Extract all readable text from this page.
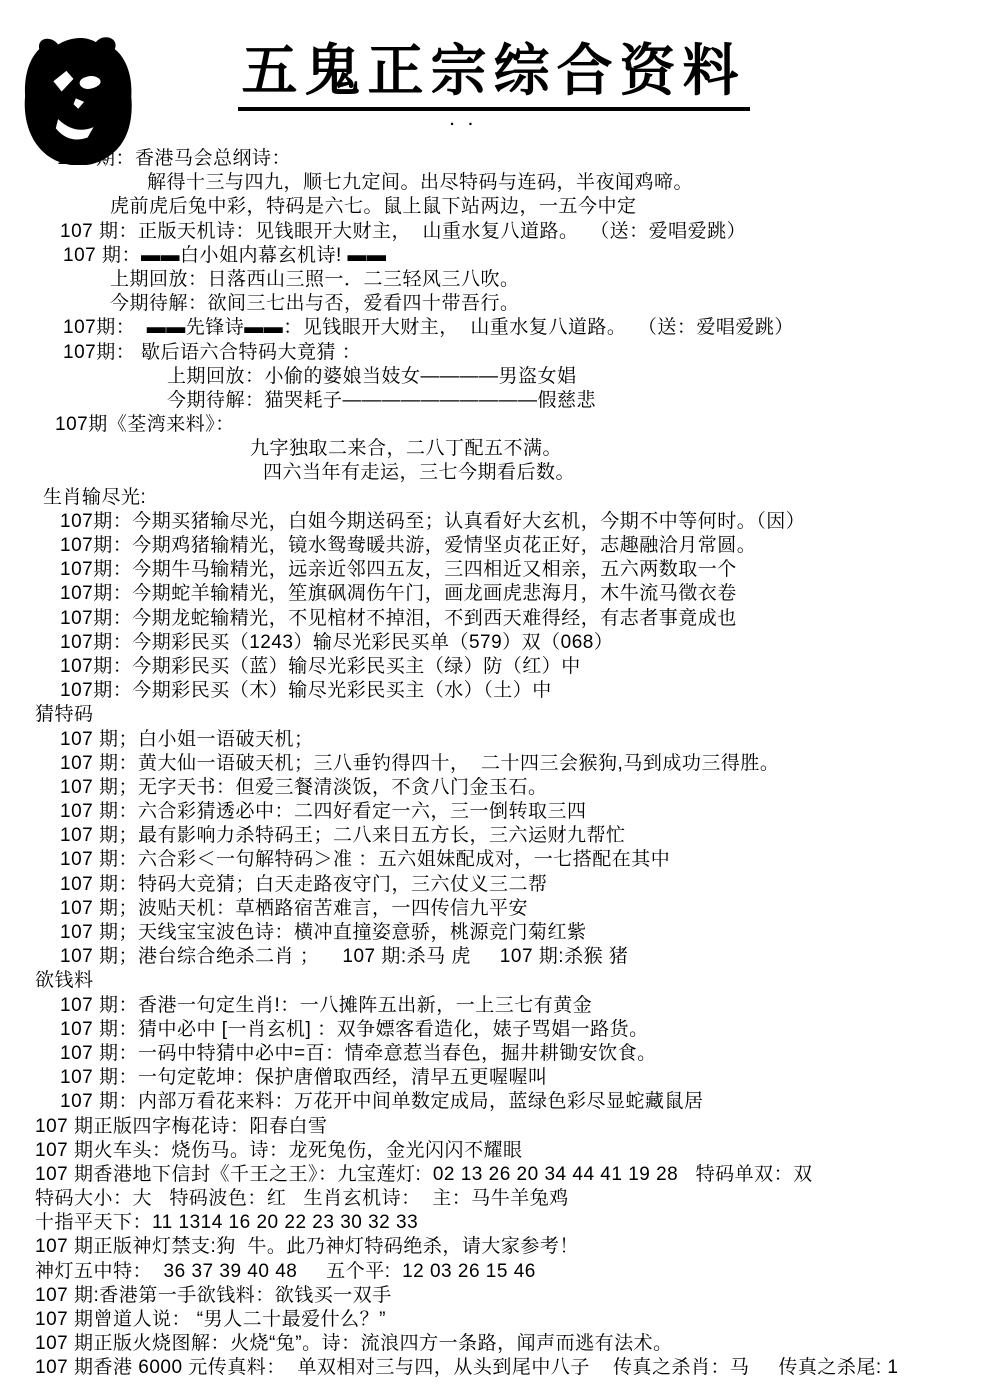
五鬼正宗综合资料
. .
107 期：香港马会总纲诗：
解得十三与四九，顺七九定间。出尽特码与连码，半夜闻鸡啼。
虎前虎后兔中彩，特码是六七。鼠上鼠下站两边，一五今中定
107 期：正版天机诗：见钱眼开大财主，  山重水复八道路。  （送：爱唱爱跳）
107 期：▬▬白小姐内幕玄机诗! ▬▬
上期回放：日落西山三照一．二三轻风三八吹。
今期待解：欲间三七出与否，爱看四十带吾行。
107期：  ▬▬先锋诗▬▬：见钱眼开大财主，  山重水复八道路。  （送：爱唱爱跳）
107期： 歇后语六合特码大竟猜 ：
上期回放：小偷的婆娘当妓女————男盗女娼
今期待解：猫哭耗子——————————假慈悲
107期《荃湾来料》：
九字独取二来合，二八丁配五不满。
四六当年有走运，三七今期看后数。
生肖输尽光:
107期：今期买猪输尽光，白姐今期送码至；认真看好大玄机，今期不中等何时。（因）
107期：今期鸡猪输精光，镜水鸳鸯暖共游，爱情坚贞花正好，志趣融洽月常圆。
107期：今期牛马输精光，远亲近邻四五友，三四相近又相亲，五六两数取一个
107期：今期蛇羊输精光，笙旗砜凋伤午门，画龙画虎悲海月，木牛流马徵衣卷
107期：今期龙蛇输精光，不见棺材不掉泪，不到西天难得经，有志者事竟成也
107期：今期彩民买（1243）输尽光彩民买单（579）双（068）
107期：今期彩民买（蓝）输尽光彩民买主（绿）防（红）中
107期：今期彩民买（木）输尽光彩民买主（水）（土）中
猜特码
107 期；白小姐一语破天机；
107 期：黄大仙一语破天机；三八垂钓得四十，  二十四三会猴狗,马到成功三得胜。
107 期；无字天书：但爱三餐清淡饭，不贪八门金玉石。
107 期：六合彩猜透必中：二四好看定一六，三一倒转取三四
107 期；最有影响力杀特码王；二八来日五方长，三六运财九帮忙
107 期：六合彩＜一句解特码＞准 ：五六姐妹配成对，一七搭配在其中
107 期：特码大竞猜；白天走路夜守门，三六仗义三二帮
107 期；波贴天机：草栖路宿苦难言，一四传信九平安
107 期；天线宝宝波色诗：横冲直撞姿意骄，桃源竞门菊红紫
107 期；港台综合绝杀二肖 ；    107 期:杀马 虎     107 期:杀猴 猪
欲钱料
107 期：香港一句定生肖!：一八摊阵五出新，一上三七有黄金
107 期：猜中必中 [一肖玄机] ：双争嫖客看造化，婊子骂娼一路货。
107 期：一码中特猜中必中=百：情牵意惹当春色，掘井耕锄安饮食。
107 期：一句定乾坤：保护唐僧取西经，清早五更喔喔叫
107 期：内部万看花来料：万花开中间单数定成局，蓝绿色彩尽显蛇藏鼠居
107 期正版四字梅花诗：阳春白雪
107 期火车头：烧伤马。诗：龙死兔伤，金光闪闪不耀眼
107 期香港地下信封《千王之王》：九宝莲灯:  02 13 26 20 34 44 41 19 28   特码单双：双
特码大小：大   特码波色：红   生肖玄机诗：  主：马牛羊兔鸡
十指平天下：11 1314 16 20 22 23 30 32 33
107 期正版神灯禁支:狗  牛。此乃神灯特码绝杀，请大家参考！
神灯五中特：  36 37 39 40 48     五个平:  12 03 26 15 46
107 期:香港第一手欲钱料：欲钱买一双手
107 期曾道人说： “男人二十最爱什么？”
107 期正版火烧图解：火烧“兔”。诗：流浪四方一条路，闻声而逃有法术。
107 期香港 6000 元传真料：  单双相对三与四，从头到尾中八子    传真之杀肖：马     传真之杀尾: 1
